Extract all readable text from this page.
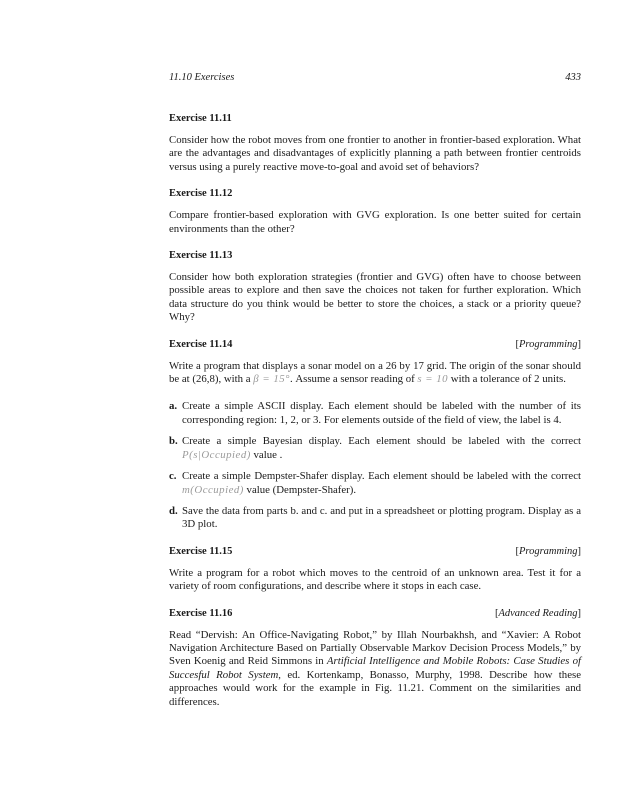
11.10 Exercises	433
Exercise 11.11

Consider how the robot moves from one frontier to another in frontier-based exploration. What are the advantages and disadvantages of explicitly planning a path between frontier centroids versus using a purely reactive move-to-goal and avoid set of behaviors?

Exercise 11.12

Compare frontier-based exploration with GVG exploration. Is one better suited for certain environments than the other?

Exercise 11.13

Consider how both exploration strategies (frontier and GVG) often have to choose between possible areas to explore and then save the choices not taken for further exploration. Which data structure do you think would be better to store the choices, a stack or a priority queue? Why?

Exercise 11.14	[Programming]

Write a program that displays a sonar model on a 26 by 17 grid. The origin of the sonar should be at (26,8), with a β = 15°. Assume a sensor reading of s = 10 with a tolerance of 2 units.

a. Create a simple ASCII display. Each element should be labeled with the number of its corresponding region: 1, 2, or 3. For elements outside of the field of view, the label is 4.
b. Create a simple Bayesian display. Each element should be labeled with the correct P(s|Occupied) value .
c. Create a simple Dempster-Shafer display. Each element should be labeled with the correct m(Occupied) value (Dempster-Shafer).
d. Save the data from parts b. and c. and put in a spreadsheet or plotting program. Display as a 3D plot.
Exercise 11.15	[Programming]

Write a program for a robot which moves to the centroid of an unknown area. Test it for a variety of room configurations, and describe where it stops in each case.

Exercise 11.16	[Advanced Reading]

Read “Dervish: An Office-Navigating Robot,” by Illah Nourbakhsh, and “Xavier: A Robot Navigation Architecture Based on Partially Observable Markov Decision Process Models,” by Sven Koenig and Reid Simmons in Artificial Intelligence and Mobile Robots: Case Studies of Succesful Robot System, ed. Kortenkamp, Bonasso, Murphy, 1998. Describe how these approaches would work for the example in Fig. 11.21. Comment on the similarities and differences.
